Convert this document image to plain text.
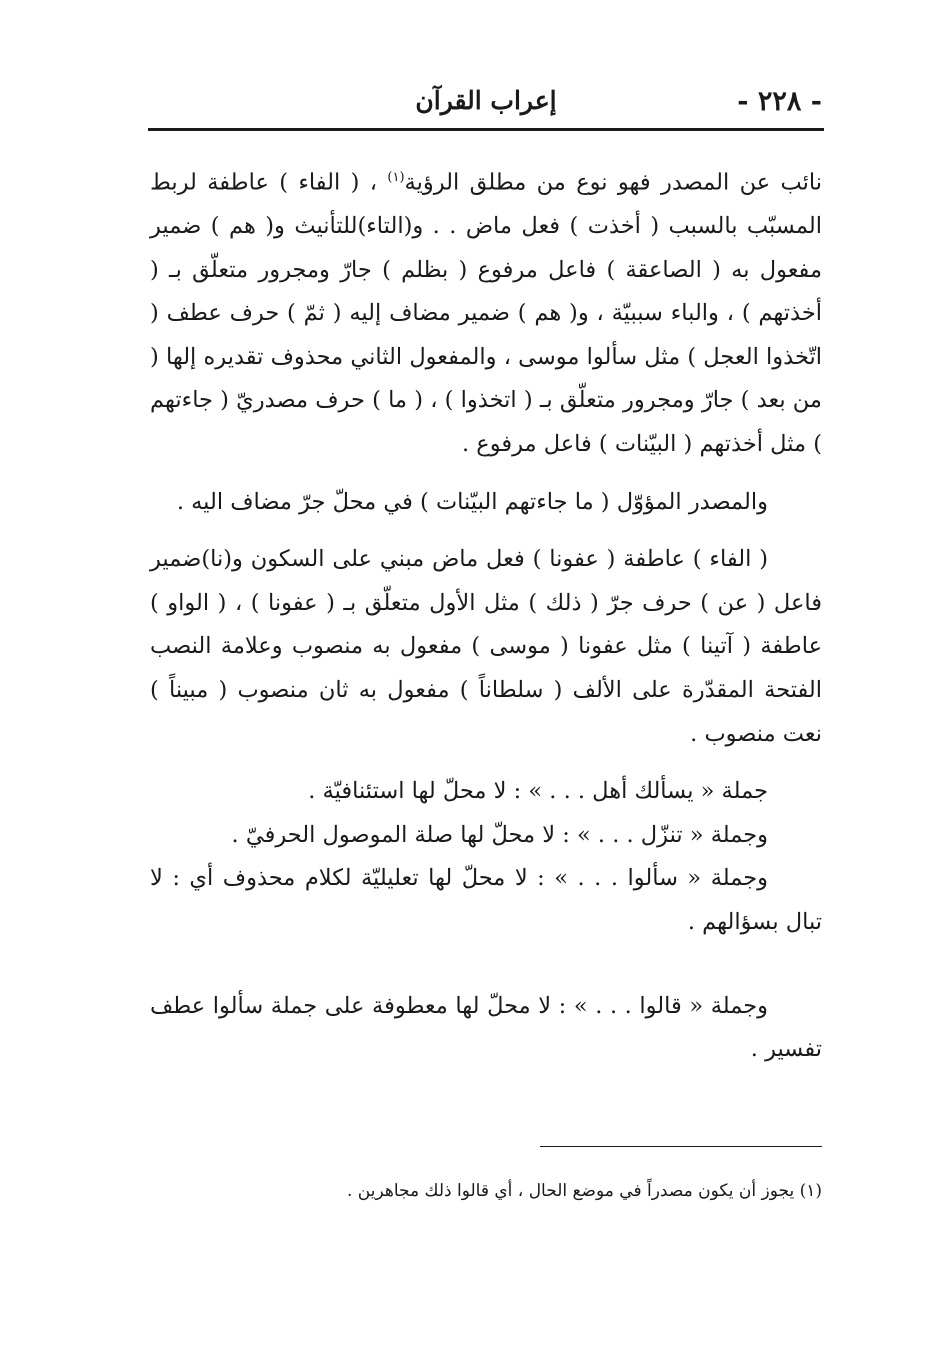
- ٢٢٨ -
إعراب القرآن

نائب عن المصدر فهو نوع من مطلق الرؤية$^{(١)}$ ، ( الفاء ) عاطفة لربط المسبّب بالسبب ( أخذت ) فعل ماض . . و(التاء)للتأنيث و( هم ) ضمير مفعول به ( الصاعقة ) فاعل مرفوع ( بظلم ) جارّ ومجرور متعلّق بـ ( أخذتهم ) ، والباء سببيّة ، و( هم ) ضمير مضاف إليه ( ثمّ ) حرف عطف ( اتّخذوا العجل ) مثل سألوا موسى ، والمفعول الثاني محذوف تقديره إلها ( من بعد ) جارّ ومجرور متعلّق بـ ( اتخذوا ) ، ( ما ) حرف مصدريّ ( جاءتهم ) مثل أخذتهم ( البيّنات ) فاعل مرفوع .

والمصدر المؤوّل ( ما جاءتهم البيّنات ) في محلّ جرّ مضاف اليه .

( الفاء ) عاطفة ( عفونا ) فعل ماض مبني على السكون و(نا)ضمير فاعل ( عن ) حرف جرّ ( ذلك ) مثل الأول متعلّق بـ ( عفونا ) ، ( الواو ) عاطفة ( آتينا ) مثل عفونا ( موسى ) مفعول به منصوب وعلامة النصب الفتحة المقدّرة على الألف ( سلطاناً ) مفعول به ثان منصوب ( مبيناً ) نعت منصوب .

جملة « يسألك أهل . . . » : لا محلّ لها استئنافيّة .

وجملة « تنزّل . . . » : لا محلّ لها صلة الموصول الحرفيّ .

وجملة « سألوا . . . » : لا محلّ لها تعليليّة لكلام محذوف أي : لا تبال بسؤالهم .

وجملة « قالوا . . . » : لا محلّ لها معطوفة على جملة سألوا عطف تفسير .

(١) يجوز أن يكون مصدراً في موضع الحال ، أي قالوا ذلك مجاهرين .
